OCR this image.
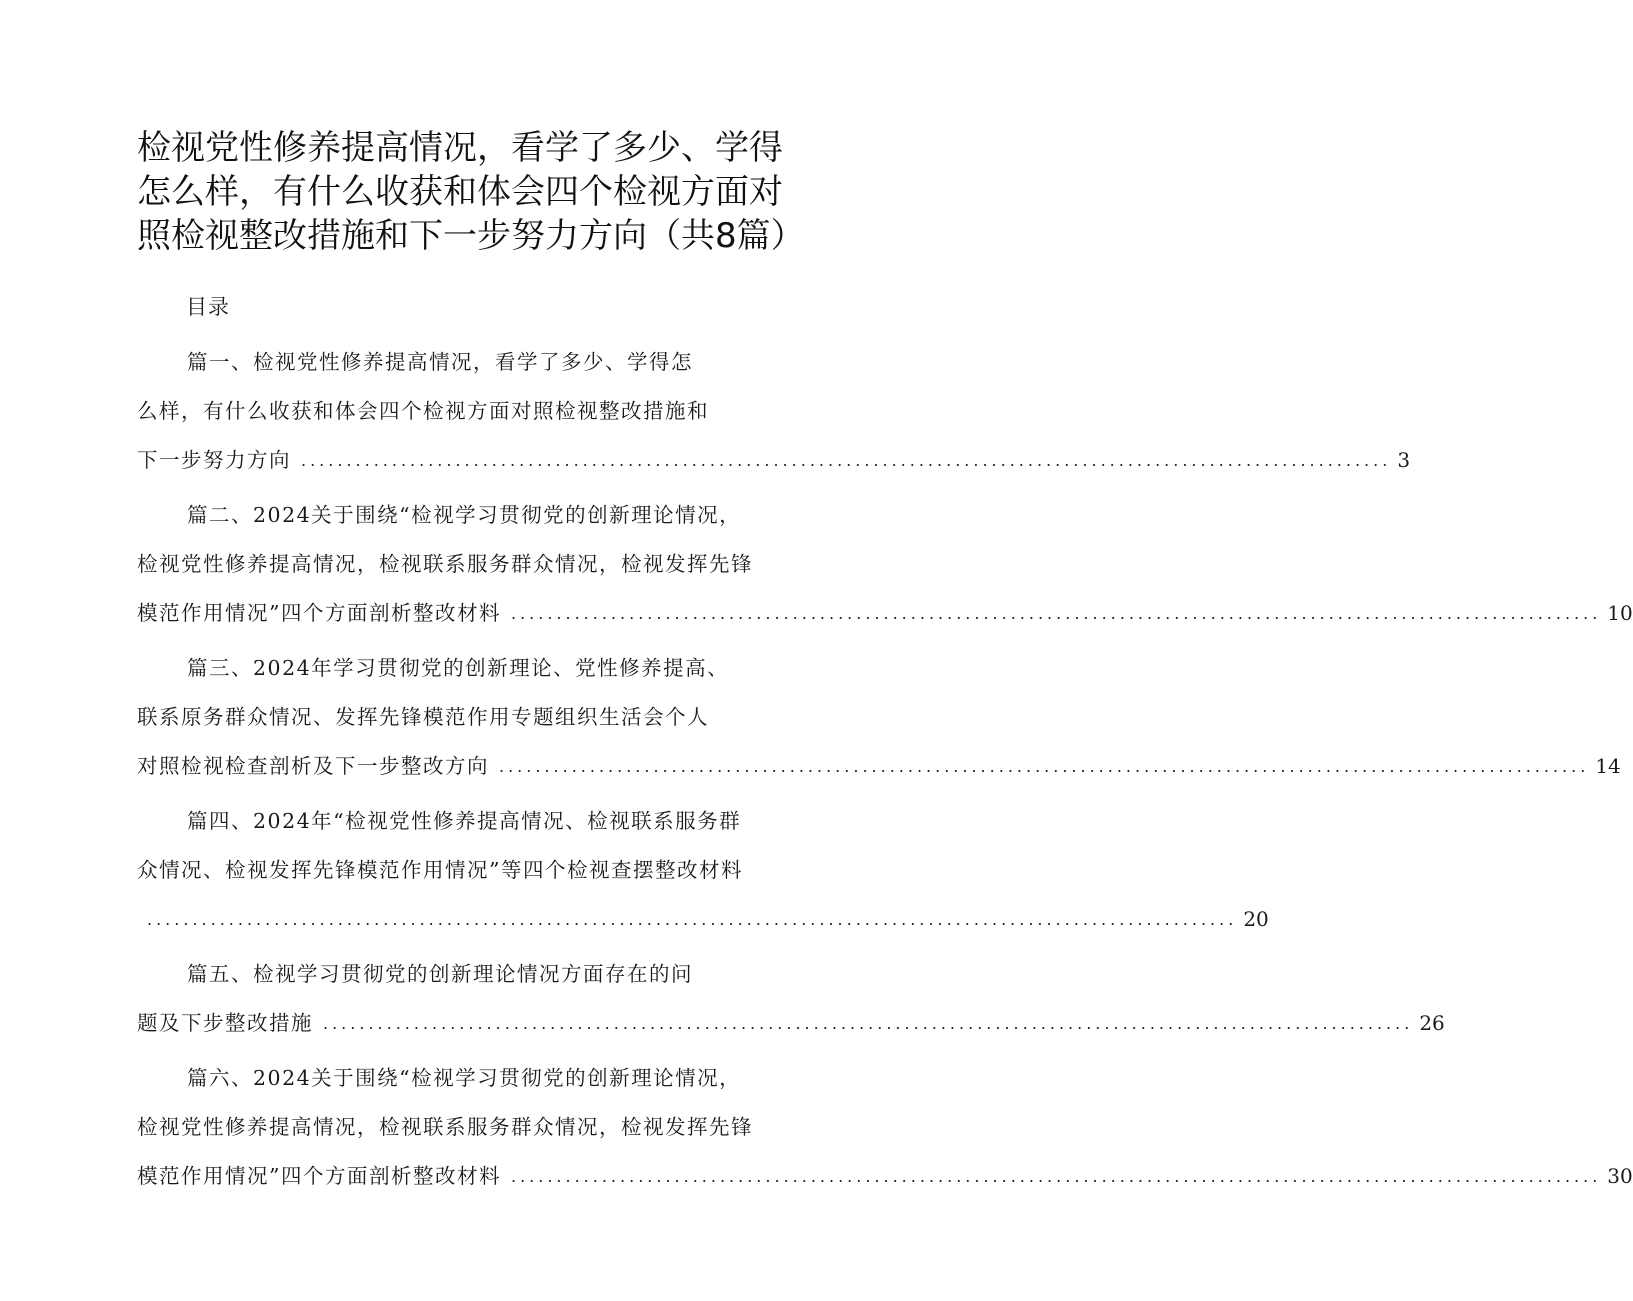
检视党性修养提高情况，看学了多少、学得怎么样，有什么收获和体会四个检视方面对照检视整改措施和下一步努力方向（共8篇）
目录
篇一、检视党性修养提高情况，看学了多少、学得怎
么样，有什么收获和体会四个检视方面对照检视整改措施和
下一步努力方向 ........................................................................................................................ 3
篇二、2024关于围绕“检视学习贯彻党的创新理论情况，
检视党性修养提高情况，检视联系服务群众情况，检视发挥先锋
模范作用情况”四个方面剖析整改材料 ........................................................................................................................ 10
篇三、2024年学习贯彻党的创新理论、党性修养提高、
联系原务群众情况、发挥先锋模范作用专题组织生活会个人
对照检视检查剖析及下一步整改方向 ........................................................................................................................ 14
篇四、2024年“检视党性修养提高情况、检视联系服务群
众情况、检视发挥先锋模范作用情况”等四个检视查摆整改材料
........................................................................................................................ 20
篇五、检视学习贯彻党的创新理论情况方面存在的问
题及下步整改措施 ........................................................................................................................ 26
篇六、2024关于围绕“检视学习贯彻党的创新理论情况，
检视党性修养提高情况，检视联系服务群众情况，检视发挥先锋
模范作用情况”四个方面剖析整改材料 ........................................................................................................................ 30
